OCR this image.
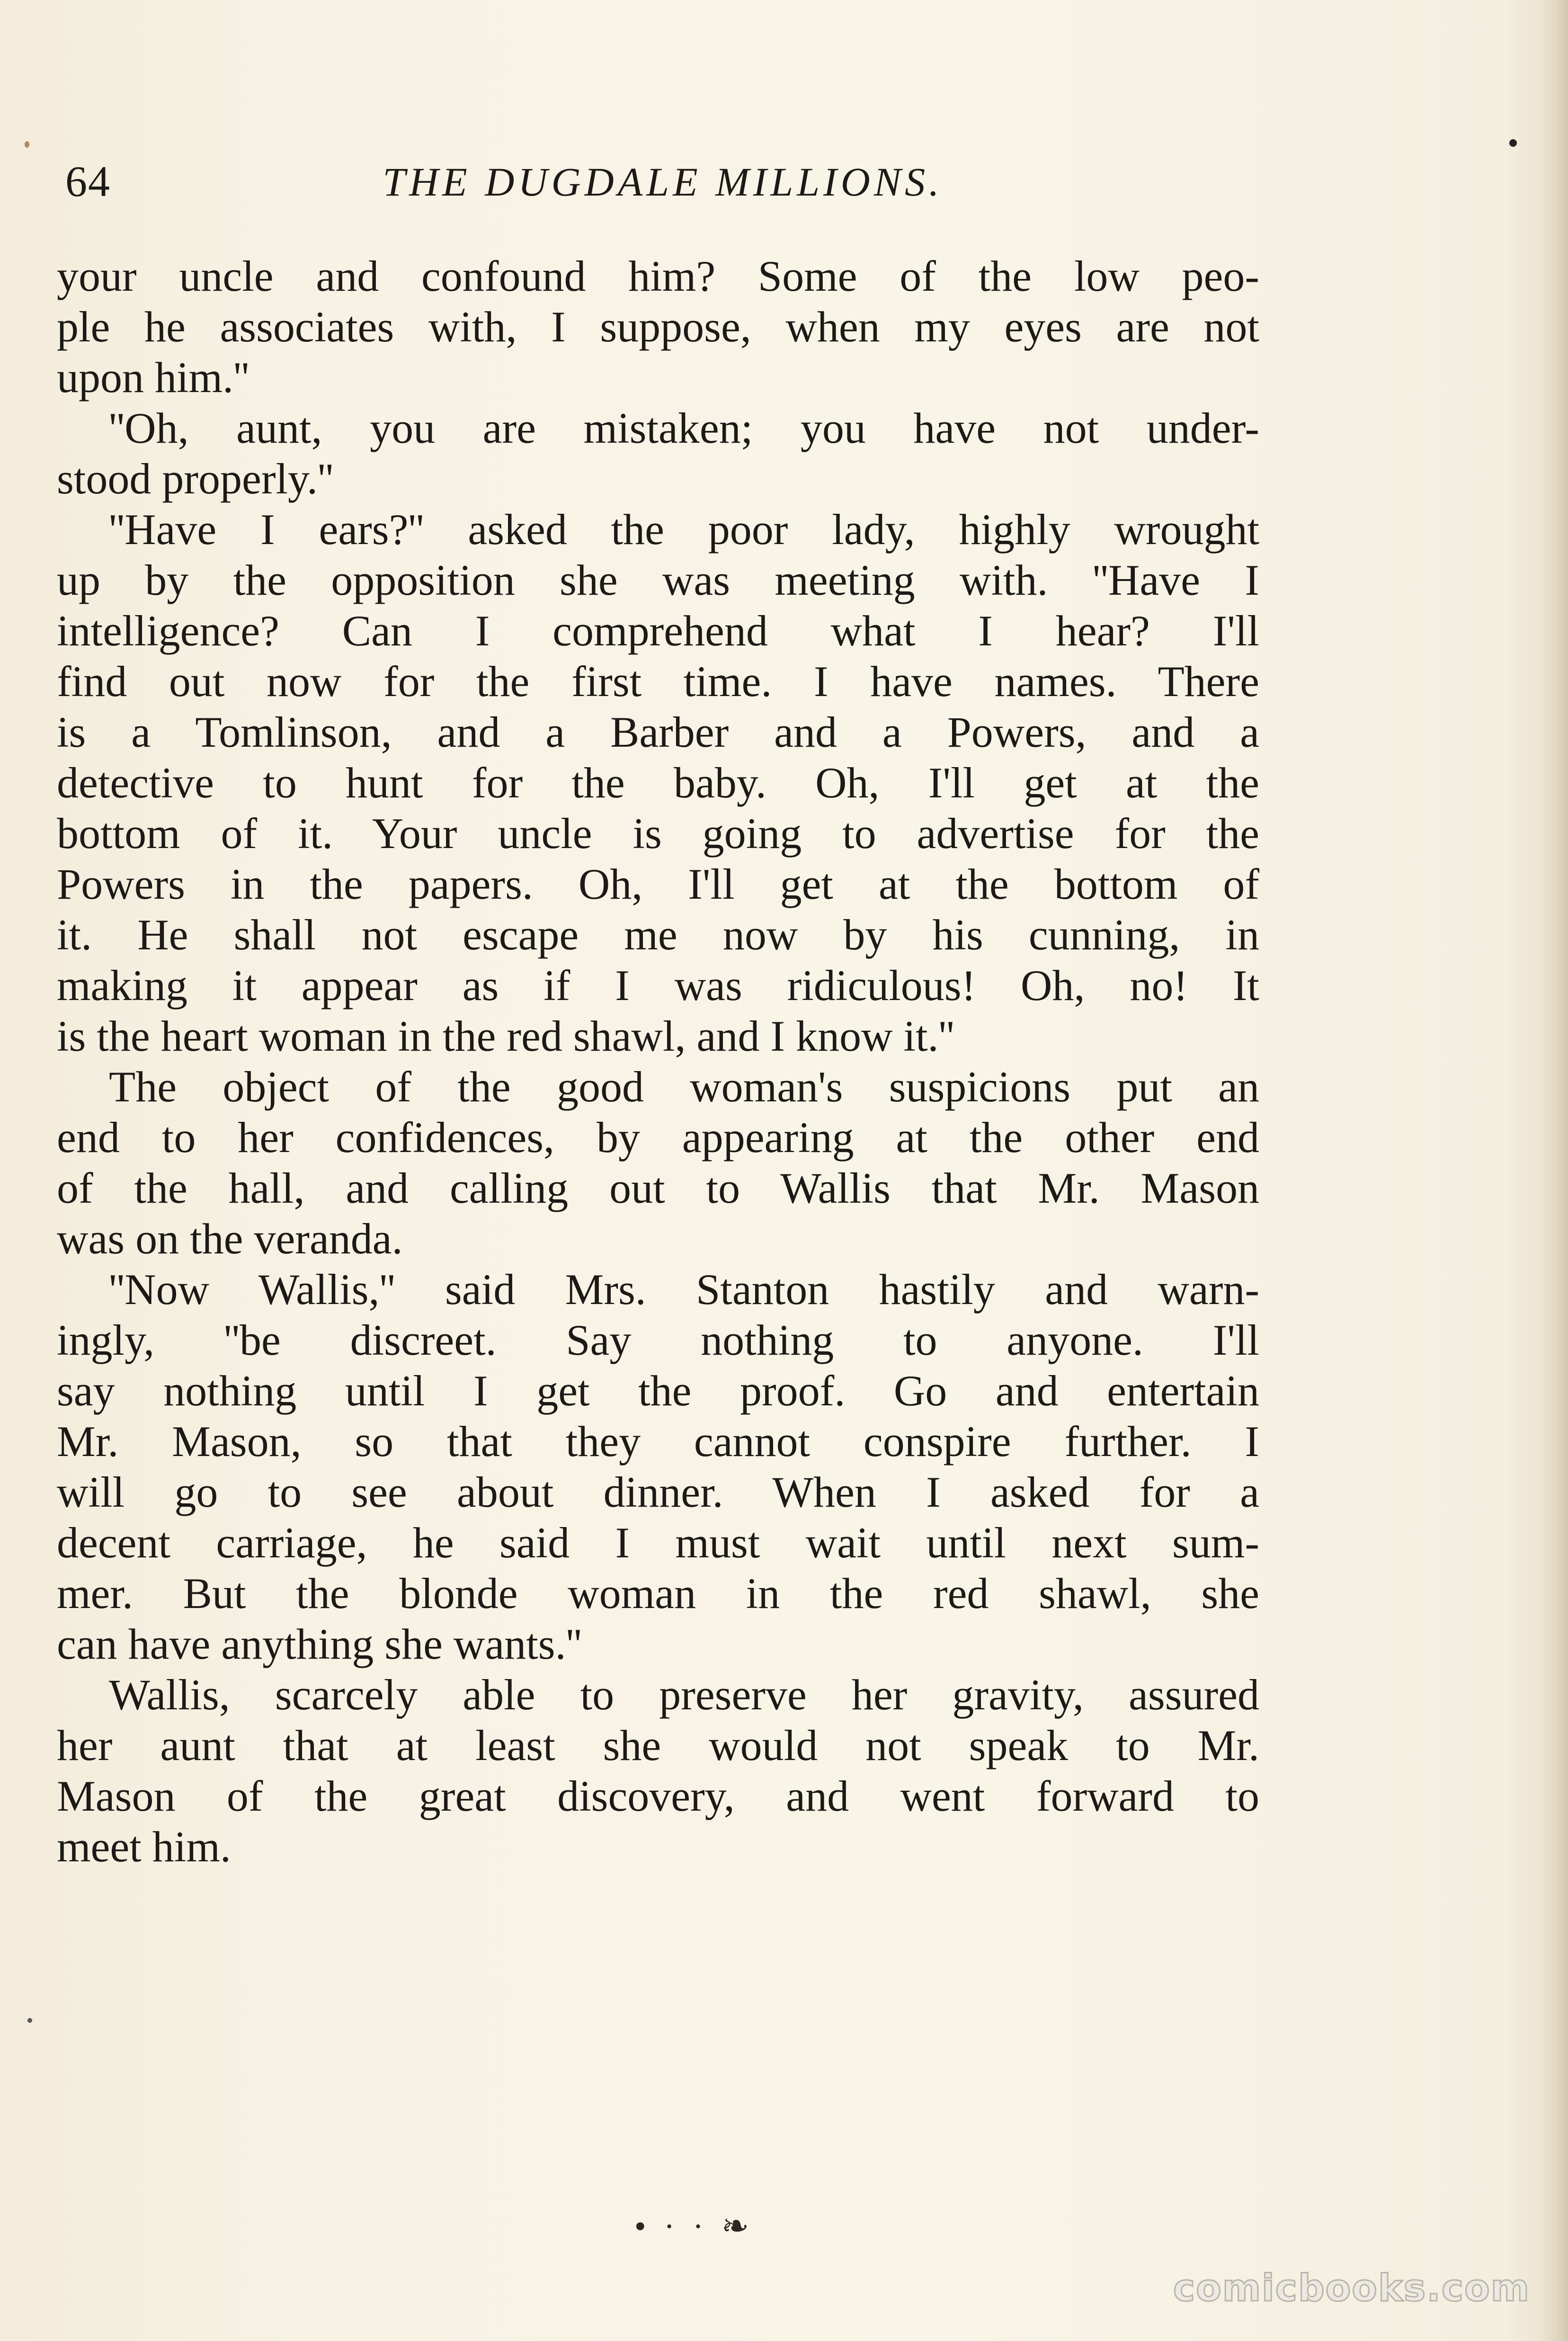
64	THE DUGDALE MILLIONS.
your uncle and confound him? Some of the low peo-
ple he associates with, I suppose, when my eyes are not
upon him.''
''Oh, aunt, you are mistaken; you have not under-
stood properly.''
''Have I ears?'' asked the poor lady, highly wrought
up by the opposition she was meeting with. ''Have I
intelligence? Can I comprehend what I hear? I'll
find out now for the first time. I have names. There
is a Tomlinson, and a Barber and a Powers, and a
detective to hunt for the baby. Oh, I'll get at the
bottom of it. Your uncle is going to advertise for the
Powers in the papers. Oh, I'll get at the bottom of
it. He shall not escape me now by his cunning, in
making it appear as if I was ridiculous! Oh, no! It
is the heart woman in the red shawl, and I know it.''
The object of the good woman's suspicions put an
end to her confidences, by appearing at the other end
of the hall, and calling out to Wallis that Mr. Mason
was on the veranda.
''Now Wallis,'' said Mrs. Stanton hastily and warn-
ingly, ''be discreet. Say nothing to anyone. I'll
say nothing until I get the proof. Go and entertain
Mr. Mason, so that they cannot conspire further. I
will go to see about dinner. When I asked for a
decent carriage, he said I must wait until next sum-
mer. But the blonde woman in the red shawl, she
can have anything she wants.''
Wallis, scarcely able to preserve her gravity, assured
her aunt that at least she would not speak to Mr.
Mason of the great discovery, and went forward to
meet him.
• · · ❧
comicbooks.com
